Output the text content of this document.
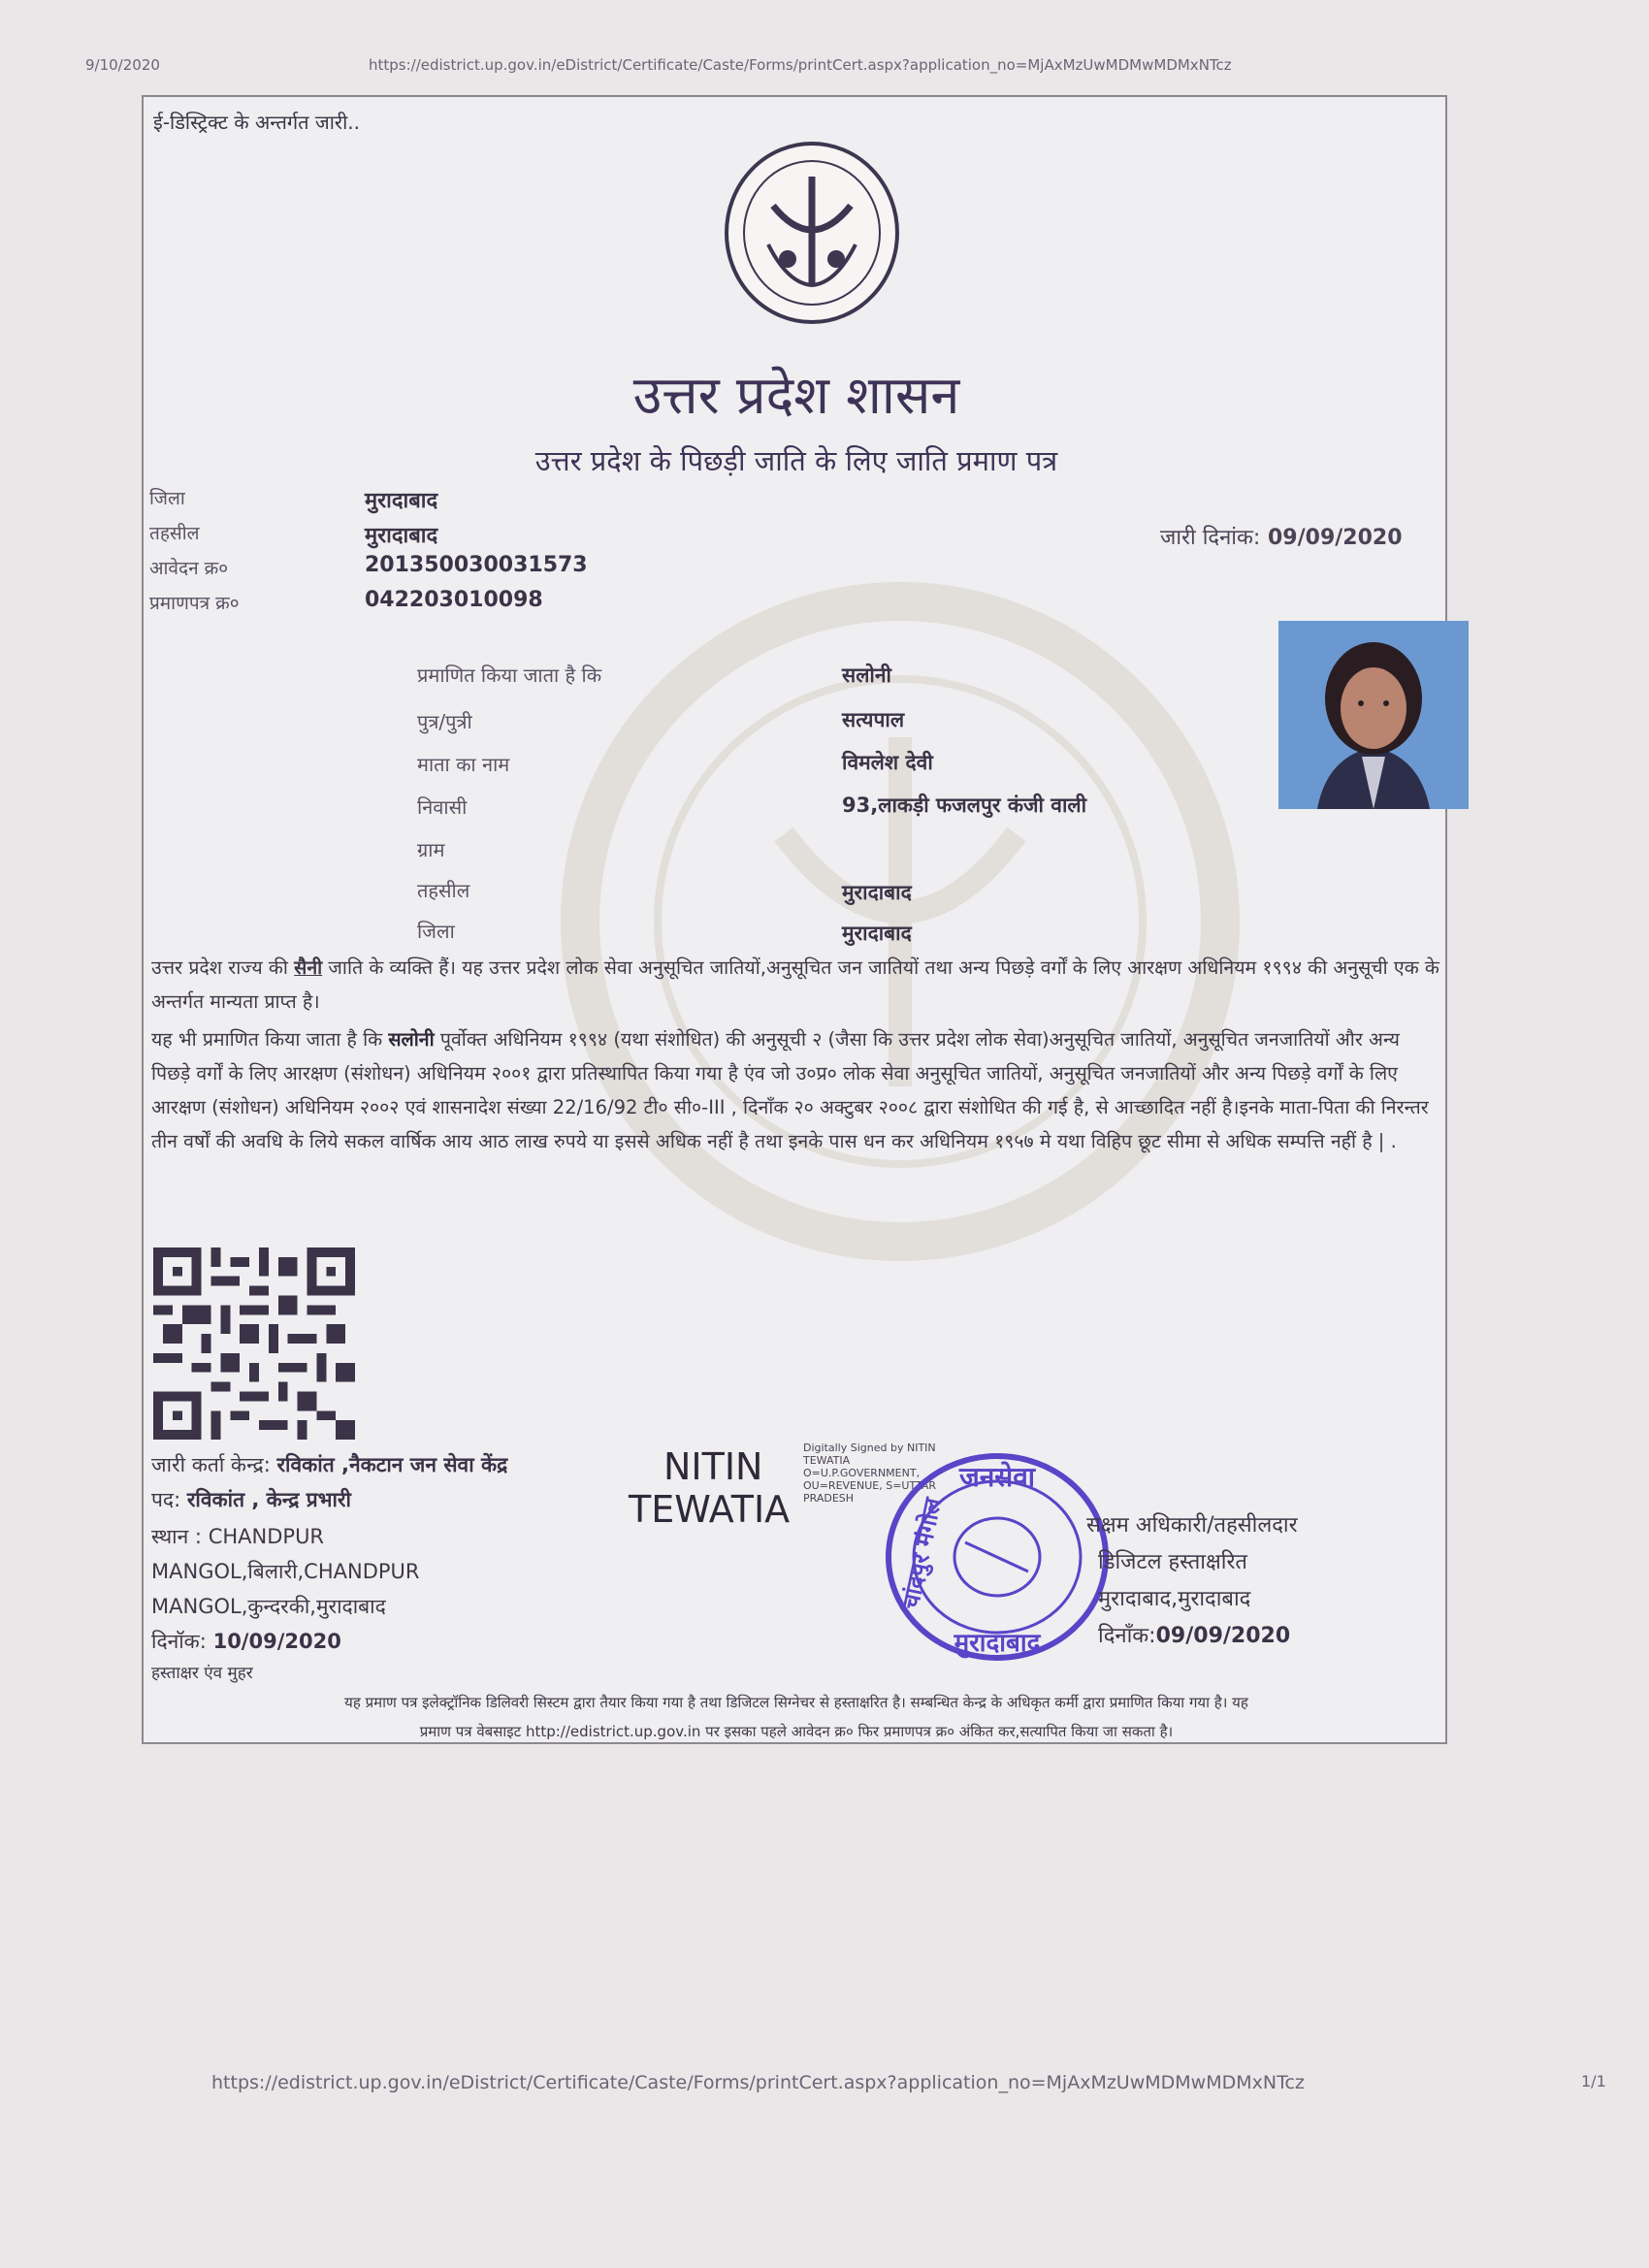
9/10/2020	https://edistrict.up.gov.in/eDistrict/Certificate/Caste/Forms/printCert.aspx?application_no=MjAxMzUwMDMwMDMxNTcz
ई-डिस्ट्रिक्ट के अन्तर्गत जारी..
उत्तर प्रदेश शासन
उत्तर प्रदेश के पिछड़ी जाति के लिए जाति प्रमाण पत्र
जिला	मुरादाबाद
तहसील	मुरादाबाद
आवेदन क्र०	201350030031573
प्रमाणपत्र क्र०	042203010098
जारी दिनांक: 09/09/2020
प्रमाणित किया जाता है कि	सलोनी
पुत्र/पुत्री	सत्यपाल
माता का नाम	विमलेश देवी
निवासी	93,लाकड़ी फजलपुर कंजी वाली
ग्राम
तहसील	मुरादाबाद
जिला	मुरादाबाद
उत्तर प्रदेश राज्य की सैनी जाति के व्यक्ति हैं। यह उत्तर प्रदेश लोक सेवा अनुसूचित जातियों,अनुसूचित जन जातियों तथा अन्य पिछड़े वर्गों के लिए आरक्षण अधिनियम १९९४ की अनुसूची एक के अन्तर्गत मान्यता प्राप्त है।
यह भी प्रमाणित किया जाता है कि सलोनी पूर्वोक्त अधिनियम १९९४ (यथा संशोधित) की अनुसूची २ (जैसा कि उत्तर प्रदेश लोक सेवा)अनुसूचित जातियों, अनुसूचित जनजातियों और अन्य पिछड़े वर्गों के लिए आरक्षण (संशोधन) अधिनियम २००१ द्वारा प्रतिस्थापित किया गया है एंव जो उ०प्र० लोक सेवा अनुसूचित जातियों, अनुसूचित जनजातियों और अन्य पिछड़े वर्गों के लिए आरक्षण (संशोधन) अधिनियम २००२ एवं शासनादेश संख्या 22/16/92 टी० सी०-III , दिनाँक २० अक्टुबर २००८ द्वारा संशोधित की गई है, से आच्छादित नहीं है।इनके माता-पिता की निरन्तर तीन वर्षों की अवधि के लिये सकल वार्षिक आय आठ लाख रुपये या इससे अधिक नहीं है तथा इनके पास धन कर अधिनियम १९५७ मे यथा विहिप छूट सीमा से अधिक सम्पत्ति नहीं है | .
जारी कर्ता केन्द्र: रविकांत ,नैकटान जन सेवा केंद्र
पद: रविकांत , केन्द्र प्रभारी
स्थान : CHANDPUR
MANGOL,बिलारी,CHANDPUR
MANGOL,कुन्दरकी,मुरादाबाद
दिनॉक: 10/09/2020
हस्ताक्षर एंव मुहर
NITIN
TEWATIA
Digitally Signed by NITIN
TEWATIA
O=U.P.GOVERNMENT,
OU=REVENUE, S=UTTAR
PRADESH
जनसेवा
चांदपुर मंगोल
मुरादाबाद
सक्षम अधिकारी/तहसीलदार
डिजिटल हस्ताक्षरित
मुरादाबाद,मुरादाबाद
दिनाँक:09/09/2020
यह प्रमाण पत्र इलेक्ट्रॉनिक डिलिवरी सिस्टम द्वारा तैयार किया गया है तथा डिजिटल सिग्नेचर से हस्ताक्षरित है। सम्बन्धित केन्द्र के अधिकृत कर्मी द्वारा प्रमाणित किया गया है। यह
प्रमाण पत्र वेबसाइट http://edistrict.up.gov.in पर इसका पहले आवेदन क्र० फिर प्रमाणपत्र क्र० अंकित कर,सत्यापित किया जा सकता है।
https://edistrict.up.gov.in/eDistrict/Certificate/Caste/Forms/printCert.aspx?application_no=MjAxMzUwMDMwMDMxNTcz	1/1
